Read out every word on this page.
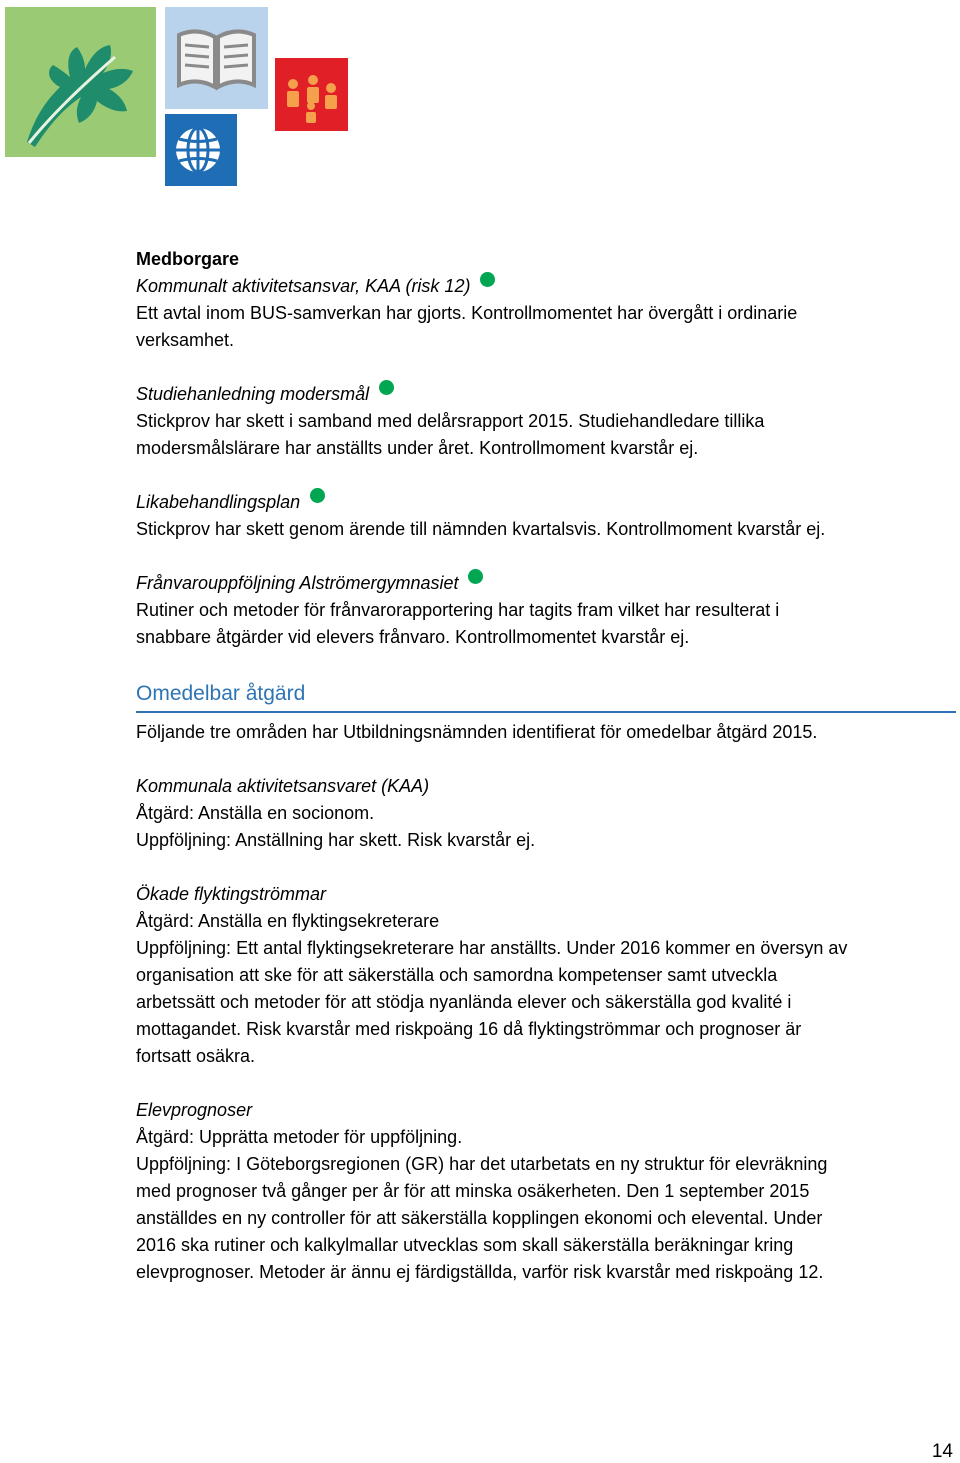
Medborgare
Kommunalt aktivitetsansvar, KAA (risk 12)
Ett avtal inom BUS-samverkan har gjorts. Kontrollmomentet har övergått i ordinarie
verksamhet.
Studiehanledning modersmål
Stickprov har skett i samband med delårsrapport 2015. Studiehandledare tillika
modersmålslärare har anställts under året. Kontrollmoment kvarstår ej.
Likabehandlingsplan
Stickprov har skett genom ärende till nämnden kvartalsvis. Kontrollmoment kvarstår ej.
Frånvarouppföljning Alströmergymnasiet
Rutiner och metoder för frånvarorapportering har tagits fram vilket har resulterat i
snabbare åtgärder vid elevers frånvaro. Kontrollmomentet kvarstår ej.
Omedelbar åtgärd
Följande tre områden har Utbildningsnämnden identifierat för omedelbar åtgärd 2015.
Kommunala aktivitetsansvaret (KAA)
Åtgärd: Anställa en socionom.
Uppföljning: Anställning har skett. Risk kvarstår ej.
Ökade flyktingströmmar
Åtgärd: Anställa en flyktingsekreterare
Uppföljning: Ett antal flyktingsekreterare har anställts. Under 2016 kommer en översyn av
organisation att ske för att säkerställa och samordna kompetenser samt utveckla
arbetssätt och metoder för att stödja nyanlända elever och säkerställa god kvalité i
mottagandet. Risk kvarstår med riskpoäng 16 då flyktingströmmar och prognoser är
fortsatt osäkra.
Elevprognoser
Åtgärd: Upprätta metoder för uppföljning.
Uppföljning: I Göteborgsregionen (GR) har det utarbetats en ny struktur för elevräkning
med prognoser två gånger per år för att minska osäkerheten. Den 1 september 2015
anställdes en ny controller för att säkerställa kopplingen ekonomi och elevental. Under
2016 ska rutiner och kalkylmallar utvecklas som skall säkerställa beräkningar kring
elevprognoser. Metoder är ännu ej färdigställda, varför risk kvarstår med riskpoäng 12.
14
